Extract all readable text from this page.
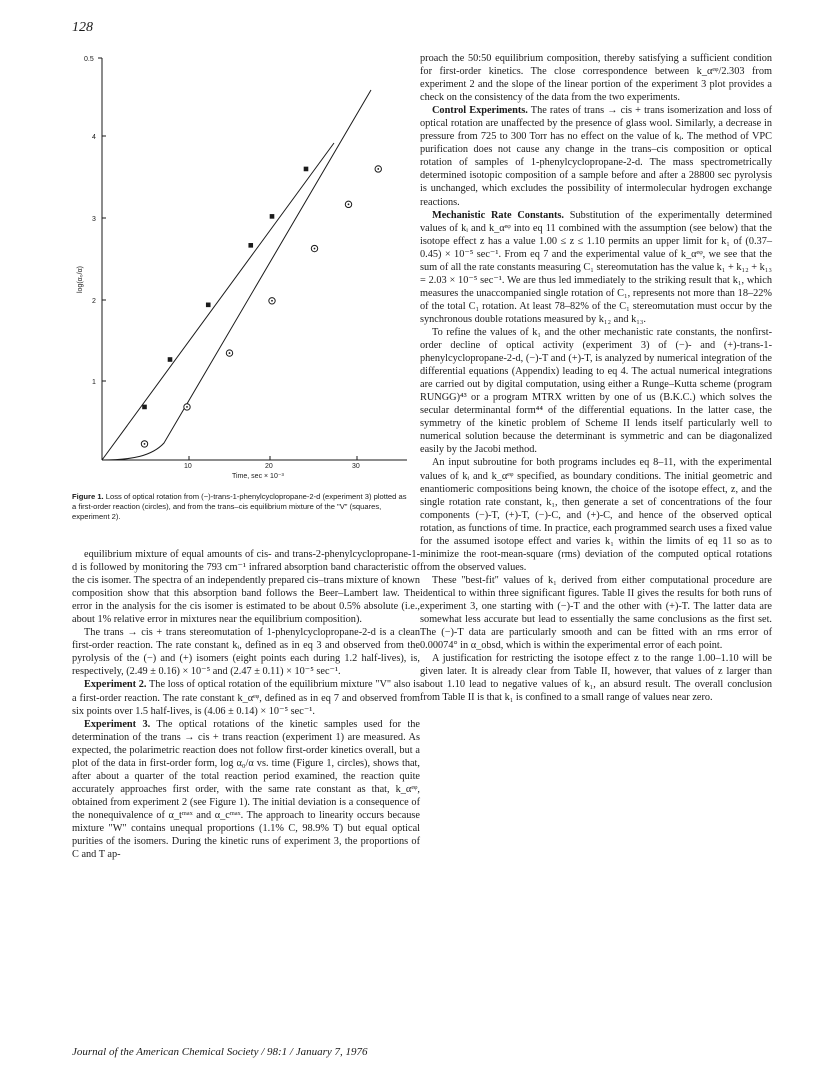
128
0.5
4
3
2
1
10	20	30
log(α₀/α)
Time, sec × 10⁻³
Figure 1. Loss of optical rotation from (−)-trans-1-phenylcyclopropane-2-d (experiment 3) plotted as a first-order reaction (circles), and from the trans–cis equilibrium mixture of the "V" (squares, experiment 2).

equilibrium mixture of equal amounts of cis- and trans-2-phenylcyclopropane-1-d is followed by monitoring the 793 cm⁻¹ infrared absorption band characteristic of the cis isomer. The spectra of an independently prepared cis–trans mixture of known composition show that this absorption band follows the Beer–Lambert law. The error in the analysis for the cis isomer is estimated to be about 0.5% absolute (i.e., about 1% relative error in mixtures near the equilibrium composition).

The trans → cis + trans stereomutation of 1-phenylcyclopropane-2-d is a clean first-order reaction. The rate constant kᵢ, defined as in eq 3 and observed from the pyrolysis of the (−) and (+) isomers (eight points each during 1.2 half-lives), is, respectively, (2.49 ± 0.16) × 10⁻⁵ and (2.47 ± 0.11) × 10⁻⁵ sec⁻¹.

Experiment 2. The loss of optical rotation of the equilibrium mixture "V" also is a first-order reaction. The rate constant k_αᵉᵠ, defined as in eq 7 and observed from six points over 1.5 half-lives, is (4.06 ± 0.14) × 10⁻⁵ sec⁻¹.

Experiment 3. The optical rotations of the kinetic samples used for the determination of the trans → cis + trans reaction (experiment 1) are measured. As expected, the polarimetric reaction does not follow first-order kinetics overall, but a plot of the data in first-order form, log α₀/α vs. time (Figure 1, circles), shows that, after about a quarter of the total reaction period examined, the reaction quite accurately approaches first order, with the same rate constant as that, k_αᵉᵠ, obtained from experiment 2 (see Figure 1). The initial deviation is a consequence of the nonequivalence of α_tᵐᵃˣ and α_cᵐᵃˣ. The approach to linearity occurs because mixture "W" contains unequal proportions (1.1% C, 98.9% T) but equal optical purities of the isomers. During the kinetic runs of experiment 3, the proportions of C and T ap-

proach the 50:50 equilibrium composition, thereby satisfying a sufficient condition for first-order kinetics. The close correspondence between k_αᵉᵠ/2.303 from experiment 2 and the slope of the linear portion of the experiment 3 plot provides a check on the consistency of the data from the two experiments.

Control Experiments. The rates of trans → cis + trans isomerization and loss of optical rotation are unaffected by the presence of glass wool. Similarly, a decrease in pressure from 725 to 300 Torr has no effect on the value of kᵢ. The method of VPC purification does not cause any change in the trans–cis composition or optical rotation of samples of 1-phenylcyclopropane-2-d. The mass spectrometrically determined isotopic composition of a sample before and after a 28800 sec pyrolysis is unchanged, which excludes the possibility of intermolecular hydrogen exchange reactions.

Mechanistic Rate Constants. Substitution of the experimentally determined values of kᵢ and k_αᵉᵠ into eq 11 combined with the assumption (see below) that the isotope effect z has a value 1.00 ≤ z ≤ 1.10 permits an upper limit for k₁ of (0.37–0.45) × 10⁻⁵ sec⁻¹. From eq 7 and the experimental value of k_αᵉᵠ, we see that the sum of all the rate constants measuring C₁ stereomutation has the value k₁ + k₁₂ + k₁₃ = 2.03 × 10⁻⁵ sec⁻¹. We are thus led immediately to the striking result that k₁, which measures the unaccompanied single rotation of C₁, represents not more than 18–22% of the total C₁ rotation. At least 78–82% of the C₁ stereomutation must occur by the synchronous double rotations measured by k₁₂ and k₁₃.

To refine the values of k₁ and the other mechanistic rate constants, the nonfirst-order decline of optical activity (experiment 3) of (−)- and (+)-trans-1-phenylcyclopropane-2-d, (−)-T and (+)-T, is analyzed by numerical integration of the differential equations (Appendix) leading to eq 4. The actual numerical integrations are carried out by digital computation, using either a Runge–Kutta scheme (program RUNGG)⁴³ or a program MTRX written by one of us (B.K.C.) which solves the secular determinantal form⁴⁴ of the differential equations. In the latter case, the symmetry of the kinetic problem of Scheme II lends itself particularly well to numerical solution because the determinant is symmetric and can be diagonalized easily by the Jacobi method.

An input subroutine for both programs includes eq 8–11, with the experimental values of kᵢ and k_αᵉᵠ specified, as boundary conditions. The initial geometric and enantiomeric compositions being known, the choice of the isotope effect, z, and the single rotation rate constant, k₁, then generate a set of concentrations of the four components (−)-T, (+)-T, (−)-C, and (+)-C, and hence of the observed optical rotation, as functions of time. In practice, each programmed search uses a fixed value for the assumed isotope effect and varies k₁ within the limits of eq 11 so as to minimize the root-mean-square (rms) deviation of the computed optical rotations from the observed values.

These "best-fit" values of k₁ derived from either computational procedure are identical to within three significant figures. Table II gives the results for both runs of experiment 3, one starting with (−)-T and the other with (+)-T. The latter data are somewhat less accurate but lead to essentially the same conclusions as the first set. The (−)-T data are particularly smooth and can be fitted with an rms error of 0.00074° in α_obsd, which is within the experimental error of each point.

A justification for restricting the isotope effect z to the range 1.00–1.10 will be given later. It is already clear from Table II, however, that values of z larger than about 1.10 lead to negative values of k₁, an absurd result. The overall conclusion from Table II is that k₁ is confined to a small range of values near zero.

Journal of the American Chemical Society / 98:1 / January 7, 1976
